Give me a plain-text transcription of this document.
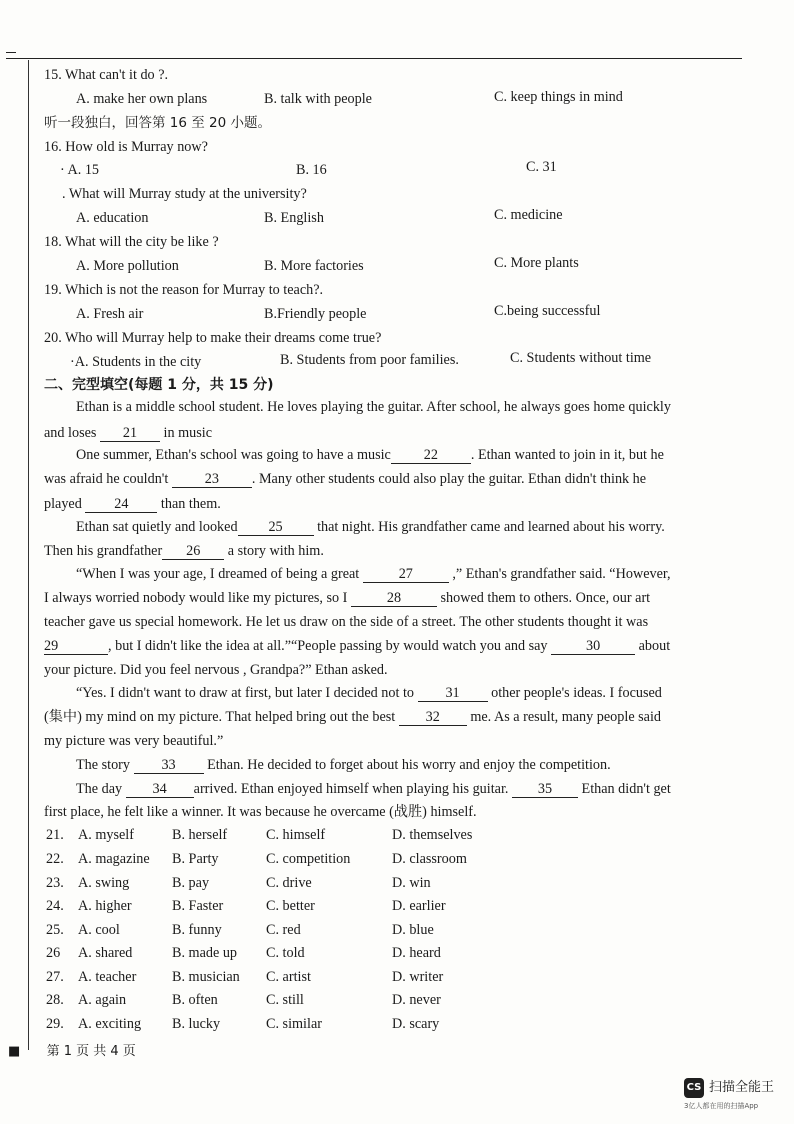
15. What can't it do ?.
A. make her own plans	B. talk with people	C. keep things in mind
听一段独白，回答第 16 至 20 小题。
16. How old is Murray now?
· A. 15	B. 16	C. 31
. What will Murray study at the university?
A. education	B. English	C. medicine
18. What will the city be like ?
A. More pollution	B. More factories	C. More plants
19. Which is not the reason for Murray to teach?.
A. Fresh air	B.Friendly people	C.being successful
20. Who will Murray help to make their dreams come true?
·A. Students in the city	B. Students from poor families.	C. Students without time
二、完型填空(每题 1 分，共 15 分)
Ethan is a middle school student. He loves playing the guitar. After school, he always goes home quickly
and loses 21 in music
One summer, Ethan's school was going to have a music 22 . Ethan wanted to join in it, but he
was afraid he couldn't	23 . Many other students could also play the guitar. Ethan didn't think he
played 24 than them.
Ethan sat quietly and looked 25 that night. His grandfather came and learned about his worry.
Then his grandfather 26 a story with him.
“When I was your age, I dreamed of being a great	27	,” Ethan's grandfather said. “However,
I always worried nobody would like my pictures, so I	28	showed them to others. Once, our art
teacher gave us special homework. He let us draw on the side of a street. The other students thought it was
29	, but I didn't like the idea at all.”“People passing by would watch you and say	30	about
your picture. Did you feel nervous , Grandpa?” Ethan asked.
“Yes. I didn't want to draw at first, but later I decided not to 31 other people's ideas. I focused
(集中) my mind on my picture. That helped bring out the best 32 me. As a result, many people said
my picture was very beautiful.”
The story 33 Ethan. He decided to forget about his worry and enjoy the competition.
The day 34 arrived. Ethan enjoyed himself when playing his guitar. 35 Ethan didn't get
first place, he felt like a winner. It was because he overcame (战胜) himself.
21. A. myself	B. herself	C. himself	D. themselves
22. A. magazine B. Party	C. competition	D. classroom
23. A. swing	B. pay	C. drive	D. win
24. A. higher	B. Faster	C. better	D. earlier
25. A. cool	B. funny	C. red	D. blue
26 A. shared	B. made up C. told	D. heard
27. A. teacher	B. musician C. artist	D. writer
28. A. again	B. often	C. still	D. never
29. A. exciting B. lucky	C. similar	D. scary
■ 第 1 页 共 4 页
CS 扫描全能王
3亿人都在用的扫描App
